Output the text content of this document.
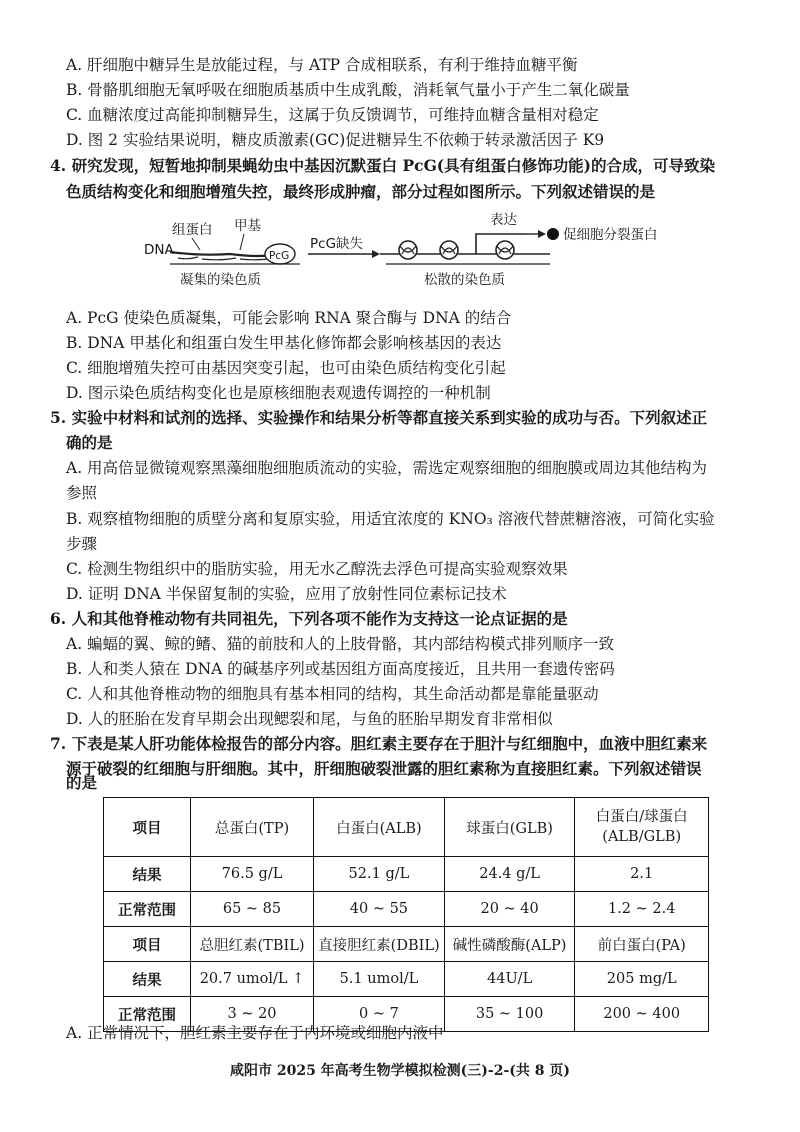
A. 肝细胞中糖异生是放能过程，与 ATP 合成相联系，有利于维持血糖平衡
B. 骨骼肌细胞无氧呼吸在细胞质基质中生成乳酸，消耗氧气量小于产生二氧化碳量
C. 血糖浓度过高能抑制糖异生，这属于负反馈调节，可维持血糖含量相对稳定
D. 图 2 实验结果说明，糖皮质激素(GC)促进糖异生不依赖于转录激活因子 K9
4. 研究发现，短暂地抑制果蝇幼虫中基因沉默蛋白 PcG(具有组蛋白修饰功能)的合成，可导致染
色质结构变化和细胞增殖失控，最终形成肿瘤，部分过程如图所示。下列叙述错误的是
组蛋白 甲基
DNA	PcG
凝集的染色质
PcG缺失
松散的染色质
表达
促细胞分裂蛋白
A. PcG 使染色质凝集，可能会影响 RNA 聚合酶与 DNA 的结合
B. DNA 甲基化和组蛋白发生甲基化修饰都会影响核基因的表达
C. 细胞增殖失控可由基因突变引起，也可由染色质结构变化引起
D. 图示染色质结构变化也是原核细胞表观遗传调控的一种机制
5. 实验中材料和试剂的选择、实验操作和结果分析等都直接关系到实验的成功与否。下列叙述正
确的是
A. 用高倍显微镜观察黑藻细胞细胞质流动的实验，需选定观察细胞的细胞膜或周边其他结构为
参照
B. 观察植物细胞的质壁分离和复原实验，用适宜浓度的 KNO₃ 溶液代替蔗糖溶液，可简化实验
步骤
C. 检测生物组织中的脂肪实验，用无水乙醇洗去浮色可提高实验观察效果
D. 证明 DNA 半保留复制的实验，应用了放射性同位素标记技术
6. 人和其他脊椎动物有共同祖先，下列各项不能作为支持这一论点证据的是
A. 蝙蝠的翼、鲸的鳍、猫的前肢和人的上肢骨骼，其内部结构模式排列顺序一致
B. 人和类人猿在 DNA 的碱基序列或基因组方面高度接近，且共用一套遗传密码
C. 人和其他脊椎动物的细胞具有基本相同的结构，其生命活动都是靠能量驱动
D. 人的胚胎在发育早期会出现鳃裂和尾，与鱼的胚胎早期发育非常相似
7. 下表是某人肝功能体检报告的部分内容。胆红素主要存在于胆汁与红细胞中，血液中胆红素来
源于破裂的红细胞与肝细胞。其中，肝细胞破裂泄露的胆红素称为直接胆红素。下列叙述错误
的是
项目	总蛋白(TP)	白蛋白(ALB)	球蛋白(GLB)	白蛋白/球蛋白(ALB/GLB)
结果	76.5 g/L	52.1 g/L	24.4 g/L	2.1
正常范围	65 ~ 85	40 ~ 55	20 ~ 40	1.2 ~ 2.4
项目	总胆红素(TBIL)	直接胆红素(DBIL)	碱性磷酸酶(ALP)	前白蛋白(PA)
结果	20.7 umol/L ↑	5.1 umol/L	44U/L	205 mg/L
正常范围	3 ~ 20	0 ~ 7	35 ~ 100	200 ~ 400
A. 正常情况下，胆红素主要存在于内环境或细胞内液中
咸阳市 2025 年高考生物学模拟检测(三)-2-(共 8 页)
